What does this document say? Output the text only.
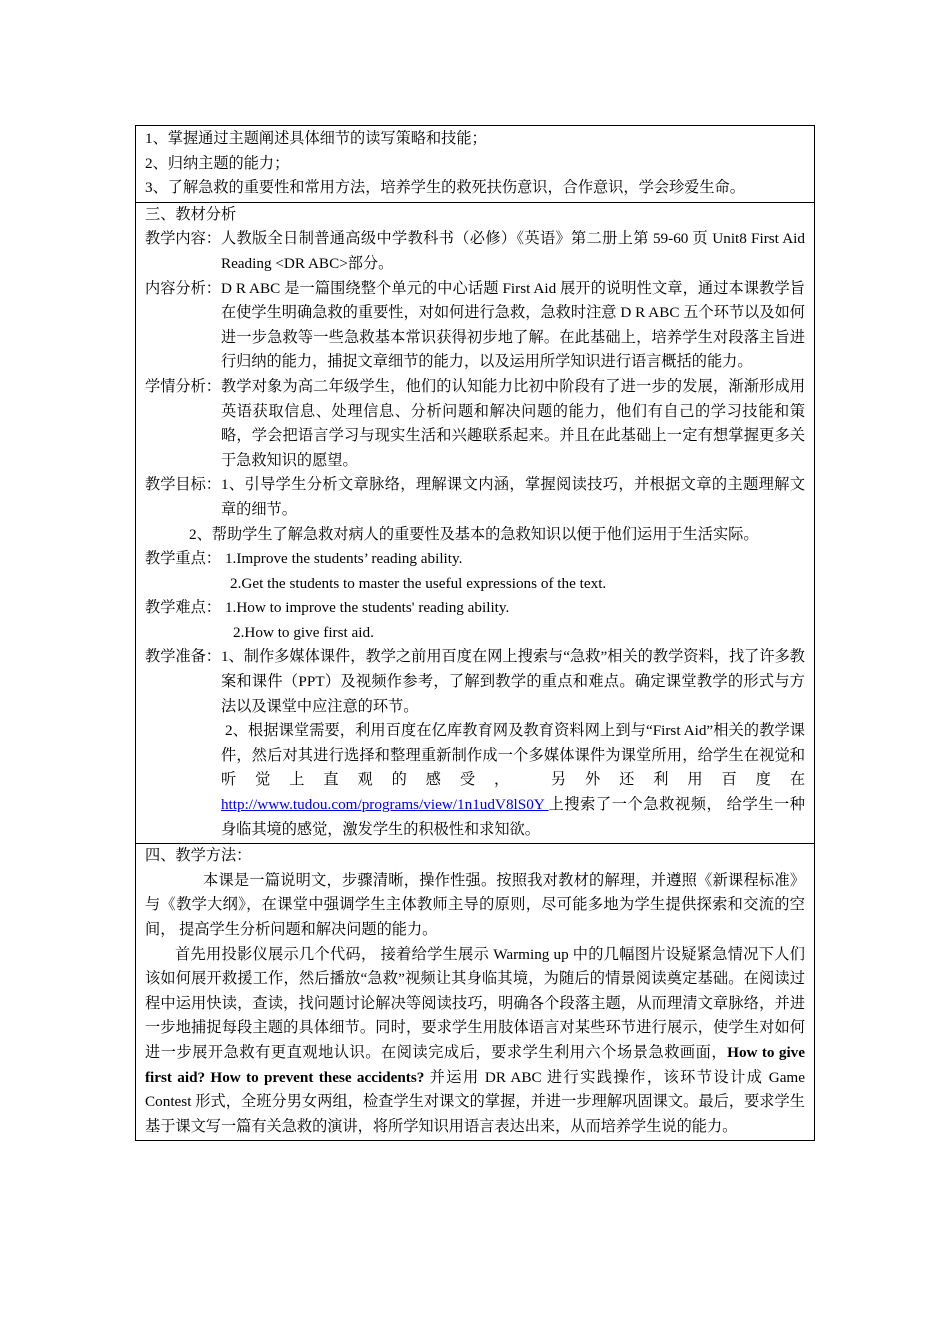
1、掌握通过主题阐述具体细节的读写策略和技能；
2、归纳主题的能力；
3、了解急救的重要性和常用方法，培养学生的救死扶伤意识，合作意识，学会珍爱生命。

三、教材分析
教学内容： 人教版全日制普通高级中学教科书（必修）《英语》第二册上第 59-60 页 Unit8 First Aid Reading <DR ABC>部分。
内容分析： D R ABC 是一篇围绕整个单元的中心话题 First Aid 展开的说明性文章，通过本课教学旨在使学生明确急救的重要性，对如何进行急救，急救时注意 D R ABC 五个环节以及如何进一步急救等一些急救基本常识获得初步地了解。在此基础上，培养学生对段落主旨进行归纳的能力，捕捉文章细节的能力，以及运用所学知识进行语言概括的能力。
学情分析： 教学对象为高二年级学生，他们的认知能力比初中阶段有了进一步的发展，渐渐形成用英语获取信息、处理信息、分析问题和解决问题的能力，他们有自己的学习技能和策略，学会把语言学习与现实生活和兴趣联系起来。并且在此基础上一定有想掌握更多关于急救知识的愿望。
教学目标： 1、引导学生分析文章脉络，理解课文内涵，掌握阅读技巧，并根据文章的主题理解文章的细节。
2、帮助学生了解急救对病人的重要性及基本的急救知识以便于他们运用于生活实际。
教学重点： 1.Improve the students’ reading ability.
2.Get the students to master the useful expressions of the text.
教学难点： 1.How to improve the students' reading ability.
2.How to give first aid.
教学准备： 1、制作多媒体课件，教学之前用百度在网上搜索与“急救”相关的教学资料，找了许多教案和课件（PPT）及视频作参考，了解到教学的重点和难点。确定课堂教学的形式与方法以及课堂中应注意的环节。
2、根据课堂需要，利用百度在亿库教育网及教育资料网上到与“First Aid”相关的教学课件，然后对其进行选择和整理重新制作成一个多媒体课件为课堂所用，给学生在视觉和听觉上直观的感受， 另外还利用百度在 http://www.tudou.com/programs/view/1n1udV8lS0Y 上搜索了一个急救视频， 给学生一种身临其境的感觉，激发学生的积极性和求知欲。

四、教学方法：

本课是一篇说明文，步骤清晰，操作性强。按照我对教材的解理，并遵照《新课程标准》与《教学大纲》，在课堂中强调学生主体教师主导的原则，尽可能多地为学生提供探索和交流的空间， 提高学生分析问题和解决问题的能力。

首先用投影仪展示几个代码， 接着给学生展示 Warming up 中的几幅图片设疑紧急情况下人们该如何展开救援工作，然后播放“急救”视频让其身临其境，为随后的情景阅读奠定基础。在阅读过程中运用快读，查读，找问题讨论解决等阅读技巧，明确各个段落主题，从而理清文章脉络，并进一步地捕捉每段主题的具体细节。同时，要求学生用肢体语言对某些环节进行展示，使学生对如何进一步展开急救有更直观地认识。在阅读完成后，要求学生利用六个场景急救画面，How to give first aid? How to prevent these accidents? 并运用 DR ABC 进行实践操作，该环节设计成 Game Contest 形式，全班分男女两组，检查学生对课文的掌握，并进一步理解巩固课文。最后，要求学生基于课文写一篇有关急救的演讲，将所学知识用语言表达出来，从而培养学生说的能力。
